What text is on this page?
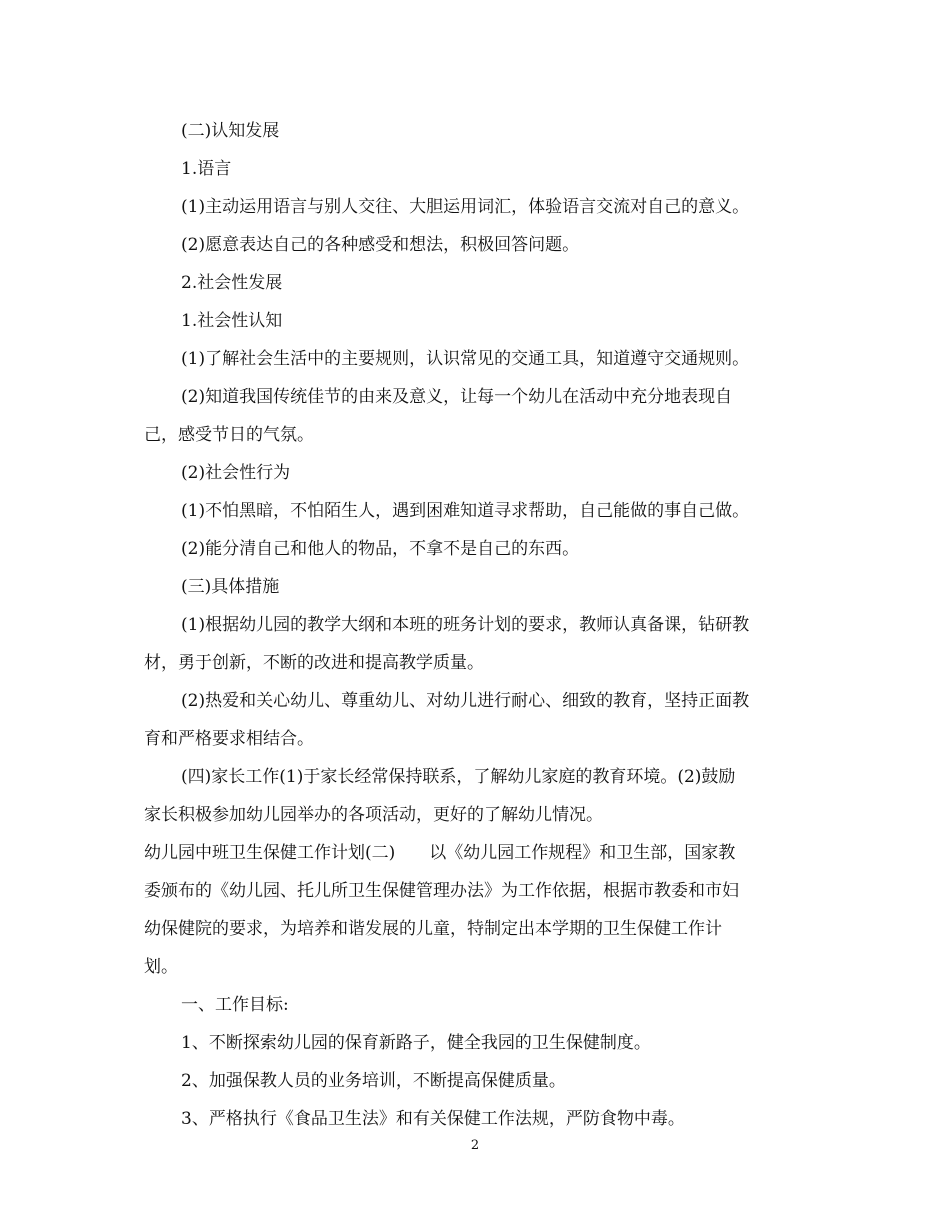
(二)认知发展
1.语言
(1)主动运用语言与别人交往、大胆运用词汇，体验语言交流对自己的意义。
(2)愿意表达自己的各种感受和想法，积极回答问题。
2.社会性发展
1.社会性认知
(1)了解社会生活中的主要规则，认识常见的交通工具，知道遵守交通规则。
(2)知道我国传统佳节的由来及意义，让每一个幼儿在活动中充分地表现自
己，感受节日的气氛。
(2)社会性行为
(1)不怕黑暗，不怕陌生人，遇到困难知道寻求帮助，自己能做的事自己做。
(2)能分清自己和他人的物品，不拿不是自己的东西。
(三)具体措施
(1)根据幼儿园的教学大纲和本班的班务计划的要求，教师认真备课，钻研教
材，勇于创新，不断的改进和提高教学质量。
(2)热爱和关心幼儿、尊重幼儿、对幼儿进行耐心、细致的教育，坚持正面教
育和严格要求相结合。
(四)家长工作(1)于家长经常保持联系，了解幼儿家庭的教育环境。(2)鼓励
家长积极参加幼儿园举办的各项活动，更好的了解幼儿情况。
幼儿园中班卫生保健工作计划(二)　　以《幼儿园工作规程》和卫生部，国家教
委颁布的《幼儿园、托儿所卫生保健管理办法》为工作依据，根据市教委和市妇
幼保健院的要求，为培养和谐发展的儿童，特制定出本学期的卫生保健工作计
划。
一、工作目标:
1、不断探索幼儿园的保育新路子，健全我园的卫生保健制度。
2、加强保教人员的业务培训，不断提高保健质量。
3、严格执行《食品卫生法》和有关保健工作法规，严防食物中毒。
2
